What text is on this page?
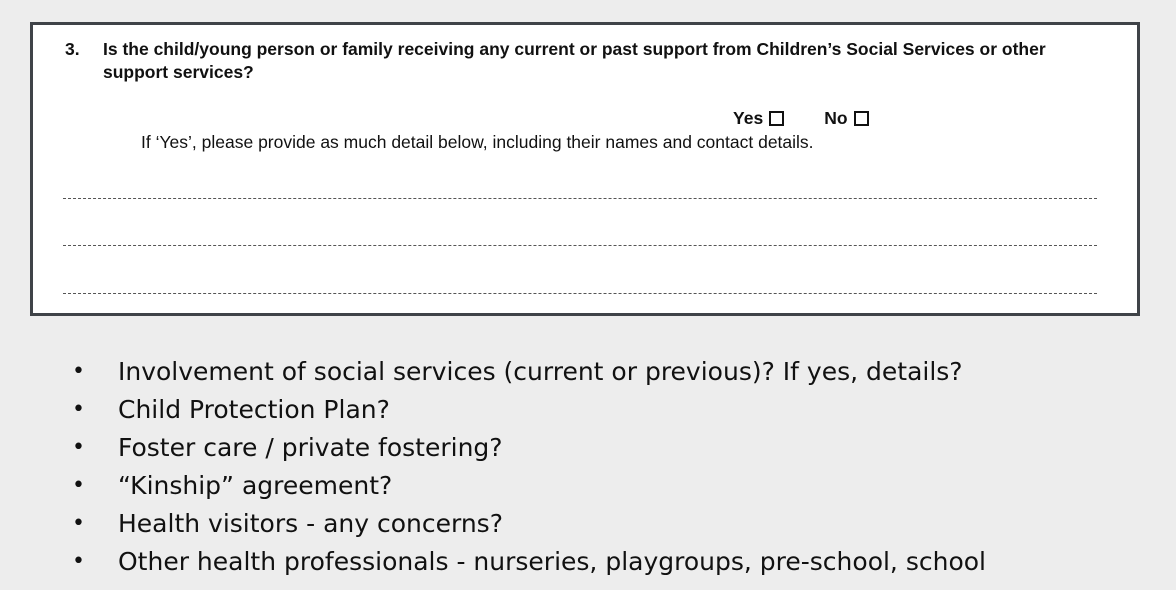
3.	Is the child/young person or family receiving any current or past support from Children’s Social Services or other support services?
Yes	No
If ‘Yes’, please provide as much detail below, including their names and contact details.
•	Involvement of social services (current or previous)? If yes, details?
•	Child Protection Plan?
•	Foster care / private fostering?
•	“Kinship” agreement?
•	Health visitors - any concerns?
•	Other health professionals - nurseries, playgroups, pre-school, school
